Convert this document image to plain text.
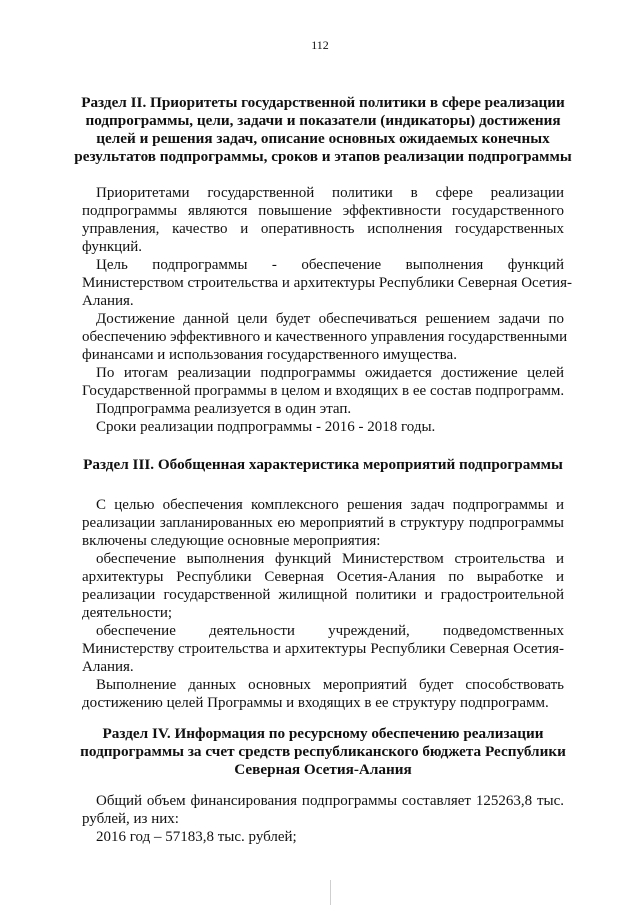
112
Раздел II. Приоритеты государственной политики в сфере реализации
подпрограммы, цели, задачи и показатели (индикаторы) достижения
целей и решения задач, описание основных ожидаемых конечных
результатов подпрограммы, сроков и этапов реализации подпрограммы
Приоритетами государственной политики в сфере реализации
подпрограммы являются повышение эффективности государственного
управления, качество и оперативность исполнения государственных
функций.
Цель подпрограммы - обеспечение выполнения функций
Министерством строительства и архитектуры Республики Северная Осетия-
Алания.
Достижение данной цели будет обеспечиваться решением задачи по
обеспечению эффективного и качественного управления государственными
финансами и использования государственного имущества.
По итогам реализации подпрограммы ожидается достижение целей
Государственной программы в целом и входящих в ее состав подпрограмм.
Подпрограмма реализуется в один этап.
Сроки реализации подпрограммы - 2016 - 2018 годы.
Раздел III. Обобщенная характеристика мероприятий подпрограммы
С целью обеспечения комплексного решения задач подпрограммы и
реализации запланированных ею мероприятий в структуру подпрограммы
включены следующие основные мероприятия:
обеспечение выполнения функций Министерством строительства и
архитектуры Республики Северная Осетия-Алания по выработке и
реализации государственной жилищной политики и градостроительной
деятельности;
обеспечение деятельности учреждений, подведомственных
Министерству строительства и архитектуры Республики Северная Осетия-
Алания.
Выполнение данных основных мероприятий будет способствовать
достижению целей Программы и входящих в ее структуру подпрограмм.
Раздел IV. Информация по ресурсному обеспечению реализации
подпрограммы за счет средств республиканского бюджета Республики
Северная Осетия-Алания
Общий объем финансирования подпрограммы составляет 125263,8 тыс.
рублей, из них:
2016 год – 57183,8 тыс. рублей;
